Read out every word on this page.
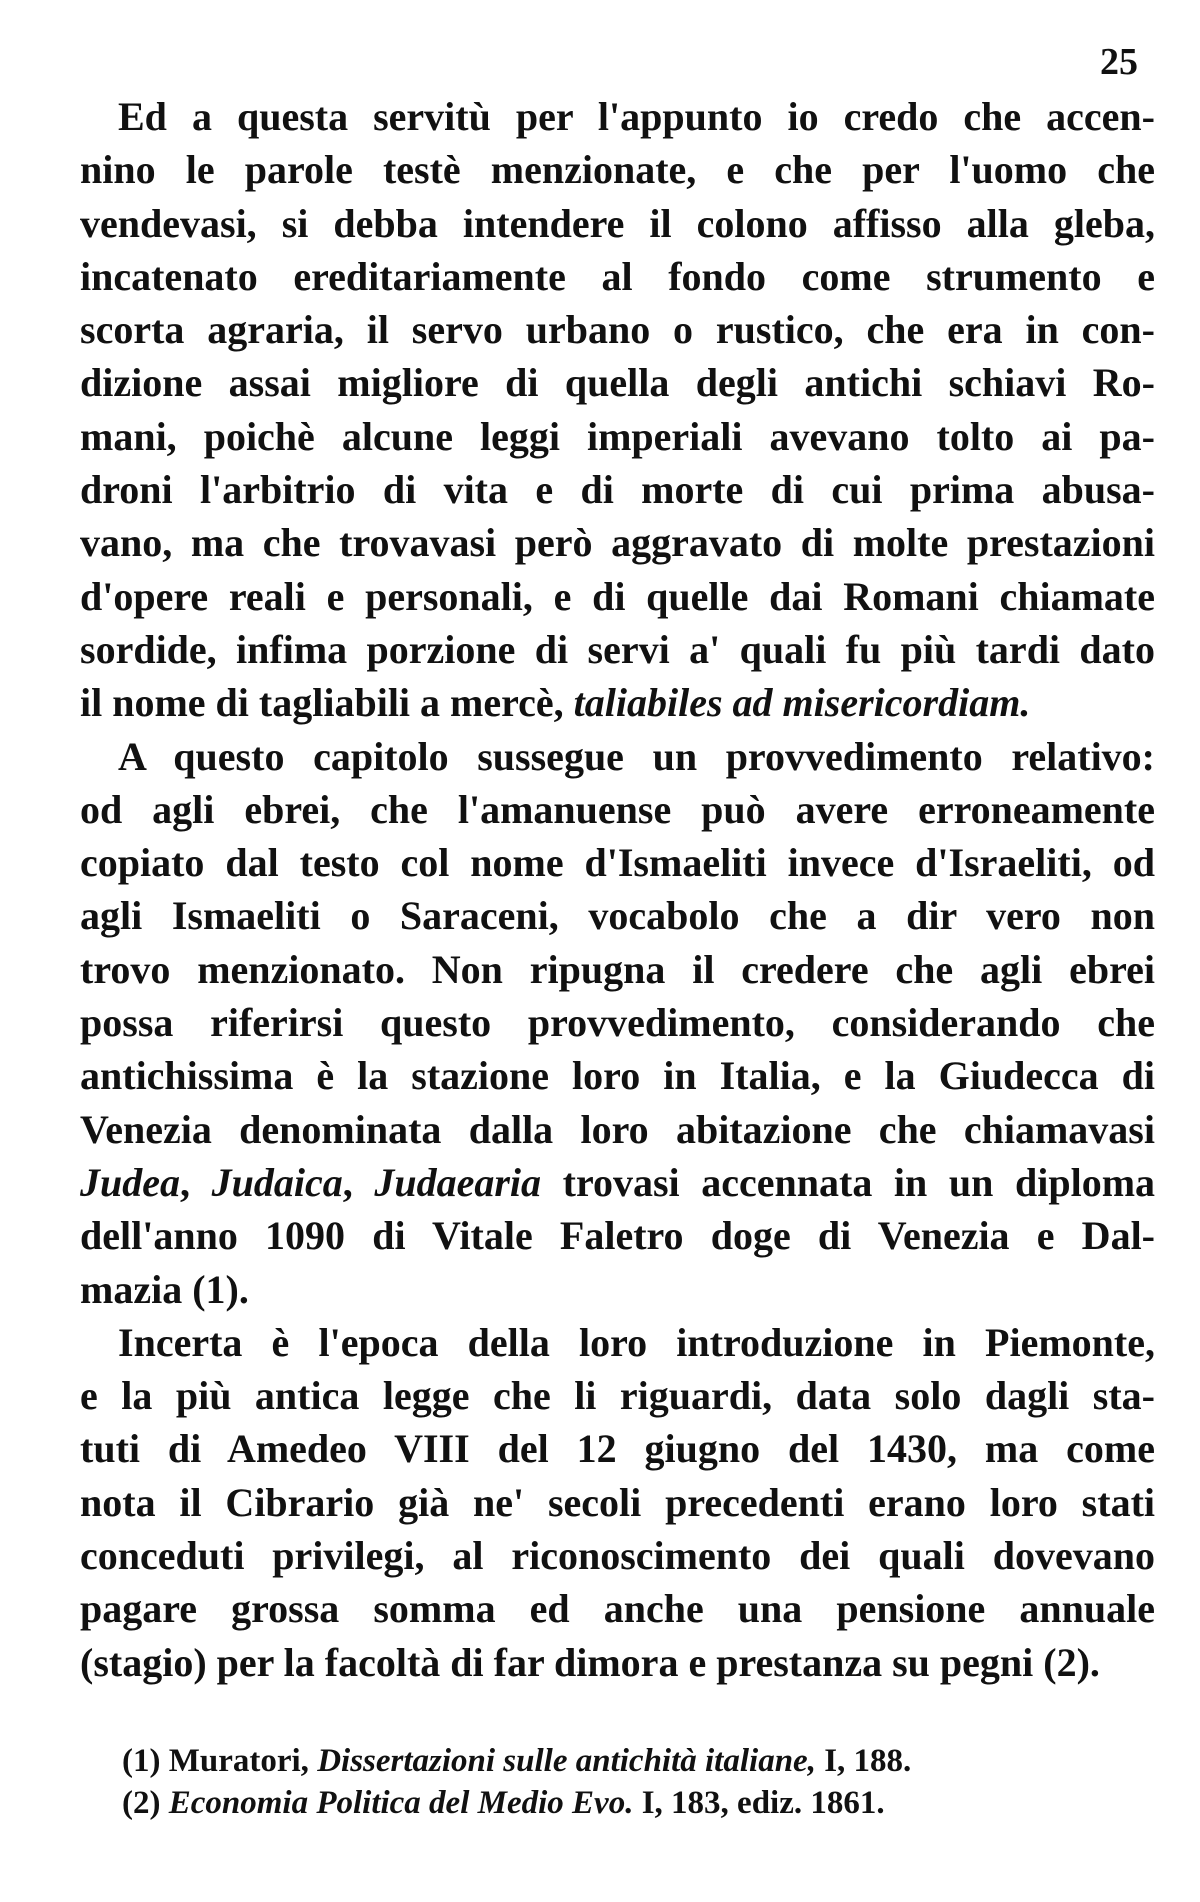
25
Ed a questa servitù per l'appunto io credo che accen-
nino le parole testè menzionate, e che per l'uomo che
vendevasi, si debba intendere il colono affisso alla gleba,
incatenato ereditariamente al fondo come strumento e
scorta agraria, il servo urbano o rustico, che era in con-
dizione assai migliore di quella degli antichi schiavi Ro-
mani, poichè alcune leggi imperiali avevano tolto ai pa-
droni l'arbitrio di vita e di morte di cui prima abusa-
vano, ma che trovavasi però aggravato di molte prestazioni
d'opere reali e personali, e di quelle dai Romani chiamate
sordide, infima porzione di servi a' quali fu più tardi dato
il nome di tagliabili a mercè, taliabiles ad misericordiam.
A questo capitolo sussegue un provvedimento relativo:
od agli ebrei, che l'amanuense può avere erroneamente
copiato dal testo col nome d'Ismaeliti invece d'Israeliti, od
agli Ismaeliti o Saraceni, vocabolo che a dir vero non
trovo menzionato. Non ripugna il credere che agli ebrei
possa riferirsi questo provvedimento, considerando che
antichissima è la stazione loro in Italia, e la Giudecca di
Venezia denominata dalla loro abitazione che chiamavasi
Judea, Judaica, Judaearia trovasi accennata in un diploma
dell'anno 1090 di Vitale Faletro doge di Venezia e Dal-
mazia (1).
Incerta è l'epoca della loro introduzione in Piemonte,
e la più antica legge che li riguardi, data solo dagli sta-
tuti di Amedeo VIII del 12 giugno del 1430, ma come
nota il Cibrario già ne' secoli precedenti erano loro stati
conceduti privilegi, al riconoscimento dei quali dovevano
pagare grossa somma ed anche una pensione annuale
(stagio) per la facoltà di far dimora e prestanza su pegni (2).
(1) Muratori, Dissertazioni sulle antichità italiane, I, 188.
(2) Economia Politica del Medio Evo. I, 183, ediz. 1861.
